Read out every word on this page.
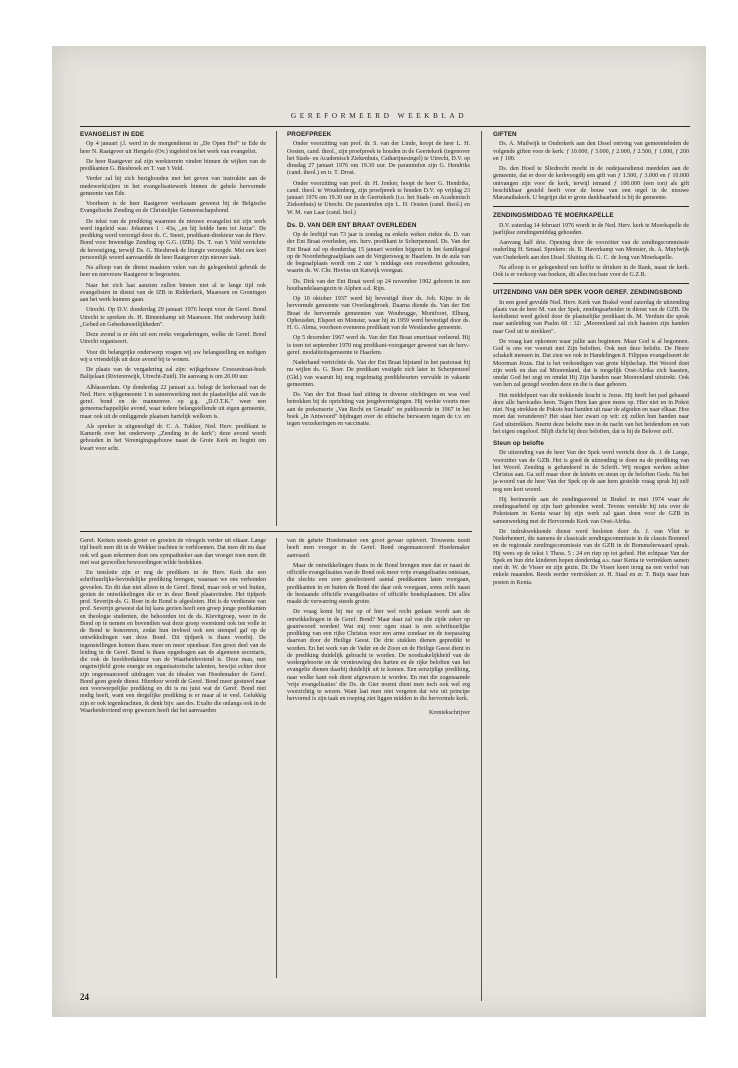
GEREFORMEERD WEEKBLAD
EVANGELIST IN EDE

Op 4 januari j.l. werd in de morgendienst in „De Open Hof" te Ede de heer N. Raatgever uit Hengelo (Ov.) ingeleid tot het werk van evangelist.

De heer Raatgever zal zijn werkterrein vinden binnen de wijken van de predikanten G. Biesbroek en T. van 't Veld.

Verder zal hij zich bezighouden met het geven van instruktie aan de medewerk(st)ers in het evangelisatiewerk binnen de gehele hervormde gemeente van Ede.

Voorheen is de heer Raatgever werkzaam geweest bij de Belgische Evangelische Zending en de Christelijke Gemeenschapsbond.

De tekst van de prediking waarmee de nieuwe evangelist tot zijn werk werd ingeleid was: Johannes 1 : 43a, „en hij leidde hem tot Jezus". De prediking werd verzorgd door ds. C. Snoei, predikant-direkteur van de Herv. Bond voor Inwendige Zending op G.G. (IZB). Ds. T. van 't Veld verrichtte de bevestiging, terwijl Ds. G. Biesbroek de liturgie verzorgde. Met een kort persoonlijk woord aanvaardde de heer Raatgever zijn nieuwe taak.

Na afloop van de dienst maakten velen van de gelegenheid gebruik de heer en mevrouw Raatgever te begroeten.

Naar het zich laat aanzien zullen binnen niet al te lange tijd ook evangelisten in dienst van de IZB in Ridderkerk, Maarssen en Groningen aan het werk kunnen gaan.

Utrecht. Op D.V. donderdag 29 januari 1976 hoopt voor de Geref. Bond Utrecht te spreken ds. H. Binnenkamp uit Maarssen. Het onderwerp luidt: „Gebed en Gebedsmoeilijkheden".

Deze avond is er één uit een reeks vergaderingen, welke de Geref. Bond Utrecht organiseert.

Voor dit belangrijke onderwerp vragen wij uw belangstelling en nodigen wij u vriendelijk uit deze avond bij te wonen.

De plaats van de vergadering zal zijn: wijkgebouw Croesestraat-hoek Balijelaan (Rivierenwijk, Utrecht-Zuid). De aanvang is om 20.00 uur.

Alblasserdam. Op donderdag 22 januari a.s. belegt de kerkeraad van de Ned. Herv. wijkgemeente 1 in samenwerking met de plaatselijke afd. van de geref. bond en de mannenver. op g.g. „D.O.T.K." weer een gemeenschappelijke avond, waar iedere belangstellende uit eigen gemeente, maar ook uit de omliggende plaatsen hartelijk welkom is.

Als spreker is uitgenodigd dr. C. A. Tukker, Ned. Herv. predikant te Kamerik over het onderwerp „Zending in de kerk"; deze avond wordt gehouden in het Verenigingsgebouw naast de Grote Kerk en begint om kwart voor acht.

PROEFPREEK

Onder voorzitting van prof. dr. S. van der Linde, hoopt de heer L. H. Oosten, cand. theol., zijn proefpreek te houden in de Geertekerk (tegenover het Stads- en Academisch Ziekenhuis, Catharijnesingel) te Utrecht, D.V. op dinsdag 27 januari 1976 om 19.30 uur. De paranimfen zijn G. Hendriks (cand. theol.) en ir. T. Drost.

Onder voorzitting van prof. dr. H. Jonker, hoopt de heer G. Hendriks, cand. theol. te Woudenberg, zijn proefpreek te houden D.V. op vrijdag 23 januari 1976 om 19.30 uur in de Geertekerk (t.o. het Stads- en Academisch Ziekenhuis) te Utrecht. De paranimfen zijn L. H. Oosten (cand. theol.) en W. M. van Laar (cand. biol.)

Ds. D. VAN DER ENT BRAAT OVERLEDEN

Op de leeftijd van 73 jaar is zondag na enkele weken ziekte ds. D. van der Ent Braat overleden, em. herv. predikant te Scherpenzeel. Ds. Van der Ent Braat zal op donderdag 15 januari worden bijgezet in het familiegraf op de Noorderbegraafplaats aan de Vergiersweg te Haarlem. In de aula van de begraafplaats wordt om 2 uur 's middags een rouwdienst gehouden, waarin ds. W. Chr. Hovius uit Katwijk voorgaat.

Ds. Dirk van der Ent Braat werd op 24 november 1902 geboren in een houthandelaarsgezin te Alphen a.d. Rijn.

Op 10 oktober 1937 werd hij bevestigd door ds. Joh. Kijne in de hervormde gemeente van Overlangbroek. Daarna diende ds. Van der Ent Braat de hervormde gemeenten van Woubrugge, Montfoort, Elburg, Opheusden, Elspeet en Monster, waar hij in 1959 werd bevestigd door ds. H. G. Abma, voorheen eveneens predikant van de Westlandse gemeente.

Op 5 december 1967 werd ds. Van der Ent Braat emeritaat verleend. Hij is toen tot september 1970 nog predikant-voorganger geweest van de herv.-geref. modaliteitsgemeente te Haarlem.

Naderhand vertrichtte ds. Van der Ent Braat bijstand in het pastoraat bij nu wijlen ds. G. Boer. De predikant vestigde zich later in Scherpenzeel (Gld.) van waaruit hij nog regelmatig predikbeurten vervulde in vakante gemeenten.

Ds. Van der Ent Braat had zitting in diverse stichtingen en was veel betrokken bij de oprichting van jeugdverenigingen. Hij werkte voorts mee aan de prekenserie „Van Recht en Genade" en publiceerde in 1967 in het boek „In Antwoord" bijdragen over de ethische bezwaren tegen de t.v. en tegen verzekeringen en vaccinatie.

GIFTEN

Ds. A. Muilwijk te Ouderkerk aan den IJssel ontving van gemeenteleden de volgende giften voor de kerk: ƒ 10.000, ƒ 3.000, ƒ 2.000, ƒ 2.500, ƒ 1.000, ƒ 200 en ƒ 100.

Ds. den Hoed te Sliedrecht mocht in de oudejaarsdienst meedelen aan de gemeente, dat er door de kerkvoogdij een gift van ƒ 1.500, ƒ 3.000 en ƒ 10.000 ontvangen zijn voor de kerk, terwijl iemand ƒ 100.000 (een ton) als gift beschikbaar gesteld heeft voor de bouw van een orgel in de nieuwe Maranathakerk. U begrijpt dat er grote dankbaarheid is bij de gemeente.

ZENDINGSMIDDAG TE MOERKAPELLE

D.V. zaterdag 14 februari 1976 wordt in de Ned. Herv. kerk te Moerkapelle de jaarlijkse zendingsmiddag gehouden.

Aanvang half drie. Opening door de voorzitter van de zendingscommissie ouderling H. Smaal. Sprekers: ds. B. Haverkamp van Monster, ds. A. Muylwijk van Ouderkerk aan den IJssel. Sluiting ds. G. C. de Jong van Moerkapelle.

Na afloop is er gelegenheid om koffie te drinken in de Rank, naast de kerk. Ook is er verkoop van boeken, dit alles ten bate voor de G.Z.B.

UITZENDING VAN DER SPEK VOOR GEREF. ZENDINGSBOND

In een goed gevulde Ned. Herv. Kerk van Brakel vond zaterdag de uitzending plaats van de heer M. van der Spek, zendingsarbeider in dienst van de GZB. De kerkdienst werd geleid door de plaatselijke predikant ds. M. Verduin die sprak naar aanleiding van Psalm 68 : 32: „Moorenland zal zich haasten zijn handen naar God uit te strekken".

De vraag kan opkomen waar jullie aan beginnen. Maar God is al begonnen. God is ons ver vooruit met Zijn beloften. Ook met deze belofte. De Heere schakelt mensen in. Dat zien we ook in Handelingen 8. Filippus evangeliseert de Moorman Jezus. Dat is het verkondigen van grote blijdschap. Het Woord doet zijn werk en dan zal Moorenland, dat is mogelijk Oost-Afrika zich haasten, omdat God het zegt en omdat Hij Zijn handen naar Moorenland uitstrekt. Ook van hen zal gezegd worden deze en die is daar geboren.

Het middelpunt van die trekkende kracht is Jezus. Hij heeft het pad gebaand door alle barricades heen. Tegen Hem kan geen mens op. Hier niet en in Pokot niet. Nog strekken de Pokots hun handen uit naar de afgoden en naar elkaar. Hoe moet dat veranderen? Het staat hier zwart op wit: zij zullen hun handen naar God uitstrekken. Neemt deze belofte mee in de nacht van het heidendom en van het eigen ongeloof. Blijft dicht bij deze beloften, dat is bij de Belover zelf.

Steun op belofte

De uitzending van de heer Van der Spek werd verricht door ds. J. de Lange, voorzitter van de GZB. Het is goed de uitzending te doen na de prediking van het Woord. Zending is gefundeerd in de Schrift. Wij mogen werken achter Christus aan. Ga zelf maar door de knieën en steun op de beloften Gods. Na het ja-woord van de heer Van der Spek op de aan hem gestelde vraag sprak hij zelf nog een kort woord.

Hij herinnerde aan de zendingsavond in Brakel in mei 1974 waar de zendingsarbeid op zijn hart gebonden werd. Tevens vertelde hij iets over de Pokotstam in Kenia waar hij zijn werk zal gaan doen voor de GZB in samenwerking met de Hervormde Kerk van Oost-Afrika.

De indrukwekkende dienst werd besloten door ds. J. van Vliet te Nederhemert, die namens de classicale zendingscommissie in de classis Bommel en de regionale zendingscommissie van de GZB in de Bommelerwaard sprak. Hij wees op de tekst 1 Thess. 5 : 24 en riep op tot gebed. Het echtpaar Van der Spek en hun drie kinderen hopen donderdag a.s. naar Kenia te vertrekken samen met dr. W. de Visser en zijn gezin. Dr. De Visser keert terug na een verlof van enkele maanden. Reeds eerder vertrokken zr. H. Staal en zr. T. Buijs naar hun posten in Kenia.

Geref. Kerken steeds groter en groeien de vleugels verder uit elkaar. Lange tijd heeft men dit in de Wekker trachten te verbloemen. Dat men dit nu daar ook wil gaan erkennen doet ons sympathieker aan dan vroeger toen men dit met wat gezwollen bewoordingen wilde bedekken.

En tenslotte zijn er nog de predikers in de Herv. Kerk die een schriftuurlijke-bevindelijke prediking brengen, waaraan we ons verbonden gevoelen. En dit dan niet alleen in de Geref. Bond, maar ook er wel buiten, gezien de ontwikkelingen die er in deze Bond plaatsvinden. Het tijdperk prof. Severijn-ds. G. Boer in de Bond is afgesloten. Het is de verdienste van prof. Severijn geweest dat hij kans gezien heeft een groep jonge predikanten en theologie studenten, die behoorden tot de ds. Kievitgroep, weer in de Bond op te nemen en bovendien wat deze groep voorstond ook ten volle in de Bond te honoreren, zodat hun invloed ook een stempel gaf op de ontwikkelingen van deze Bond. Dit tijdperk is thans voorbij. De tegenstellingen komen thans meer en meer openbaar. Een groot deel van de leiding in de Geref. Bond is thans opgedragen aan de algemeen secretaris, die ook de hoofdredakteur van de Waarheidsvriend is. Deze man, met ongetwijfeld grote energie en organisatorische talenten, bewijst echter door zijn ongenuanceerd uitdragen van de idealen van Hoedemaker de Geref. Bond geen goede dienst. Hierdoor wordt de Geref. Bond meer gestuwd naar een voorwerpelijke prediking en dit is nu juist wat de Geref. Bond niet nodig heeft, want een dergelijke prediking is er maar al te veel. Gelukkig zijn er ook tegenkrachten, ik denk bijv. aan drs. Exalto die onlangs ook in de Waarheidsvriend erop gewezen heeft dat het aanvaarden

van de gehele Hoedemaker een groot gevaar oplevert. Trouwens nooit heeft men vroeger in de Geref. Bond ongenuanceerd Hoedemaker aanvaard.

Maar de ontwikkelingen thans in de Bond brengen mee dat er naast de officiële evangelisaties van de Bond ook meer vrije evangelisaties ontstaan, die slechts een zeer geselecteerd aantal predikanten laten voorgaan, predikanten in en buiten de Bond die daar ook voorgaan, soms zelfs naast de bestaande officiële evangelisaties of officiële bondsplaatsen. Dit alles maakt de verwarring steeds groter.

De vraag komt bij me op of hier wel recht gedaan wordt aan de ontwikkelingen in de Geref. Bond? Maar daar zal van die zijde zeker op geantwoord worden! Wat mij voor ogen staat is een schriftuurlijke prediking van een rijke Christus voor een arme zondaar en de toepassing daarvan door de Heilige Geest. De drie stukken dienen gepredikt te worden. En het werk van de Vader en de Zoon en de Heilige Geest dient in de prediking duidelijk gebracht te worden. De noodzakelijkheid van de wedergeboorte en de vernieuwing des harten en de rijke beloften van het evangelie dienen daarbij duidelijk uit te komen. Een eenzijdige prediking, naar welke kant ook dient afgewezen te worden. En met die zogenaamde 'vrije evangelisaties' die Ds. de Gier noemt dient men toch ook wel erg voorzichtig te wezen. Want laat men niet vergeten dat wie uit principe hervormd is zijn taak en roeping ziet liggen midden in die hervormde kerk.

Kroniekschrijver

24
